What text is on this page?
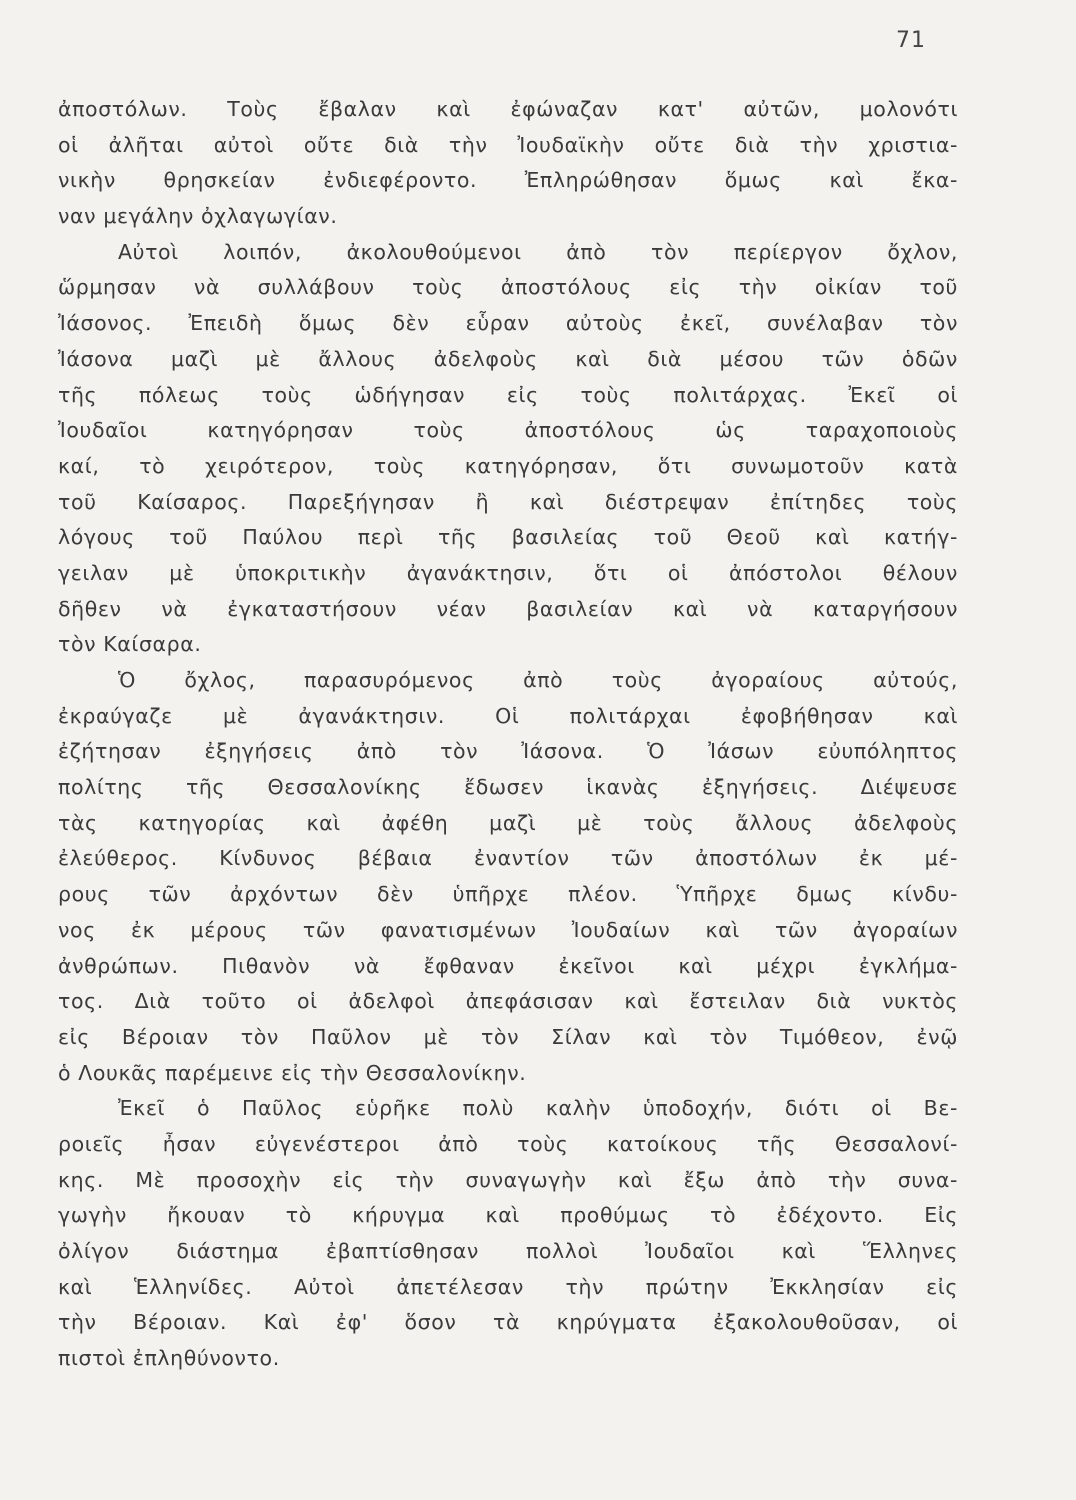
71
ἀποστόλων. Τοὺς ἔβαλαν καὶ ἐφώναζαν κατ' αὐτῶν, μολονότι
οἱ ἀλῆται αὐτοὶ οὔτε διὰ τὴν Ἰουδαϊκὴν οὔτε διὰ τὴν χριστια-
νικὴν θρησκείαν ἐνδιεφέροντο. Ἐπληρώθησαν ὅμως καὶ ἔκα-
ναν μεγάλην ὀχλαγωγίαν.
Αὐτοὶ λοιπόν, ἀκολουθούμενοι ἀπὸ τὸν περίεργον ὄχλον,
ὥρμησαν νὰ συλλάβουν τοὺς ἀποστόλους εἰς τὴν οἰκίαν τοῦ
Ἰάσονος. Ἐπειδὴ ὅμως δὲν εὗραν αὐτοὺς ἐκεῖ, συνέλαβαν τὸν
Ἰάσονα μαζὶ μὲ ἄλλους ἀδελφοὺς καὶ διὰ μέσου τῶν ὁδῶν
τῆς πόλεως τοὺς ὡδήγησαν εἰς τοὺς πολιτάρχας. Ἐκεῖ οἱ
Ἰουδαῖοι κατηγόρησαν τοὺς ἀποστόλους ὡς ταραχοποιοὺς
καί, τὸ χειρότερον, τοὺς κατηγόρησαν, ὅτι συνωμοτοῦν κατὰ
τοῦ Καίσαρος. Παρεξήγησαν ἢ καὶ διέστρεψαν ἐπίτηδες τοὺς
λόγους τοῦ Παύλου περὶ τῆς βασιλείας τοῦ Θεοῦ καὶ κατήγ-
γειλαν μὲ ὑποκριτικὴν ἀγανάκτησιν, ὅτι οἱ ἀπόστολοι θέλουν
δῆθεν νὰ ἐγκαταστήσουν νέαν βασιλείαν καὶ νὰ καταργήσουν
τὸν Καίσαρα.
Ὁ ὄχλος, παρασυρόμενος ἀπὸ τοὺς ἀγοραίους αὐτούς,
ἐκραύγαζε μὲ ἀγανάκτησιν. Οἱ πολιτάρχαι ἐφοβήθησαν καὶ
ἐζήτησαν ἐξηγήσεις ἀπὸ τὸν Ἰάσονα. Ὁ Ἰάσων εὐυπόληπτος
πολίτης τῆς Θεσσαλονίκης ἔδωσεν ἱκανὰς ἐξηγήσεις. Διέψευσε
τὰς κατηγορίας καὶ ἀφέθη μαζὶ μὲ τοὺς ἄλλους ἀδελφοὺς
ἐλεύθερος. Κίνδυνος βέβαια ἐναντίον τῶν ἀποστόλων ἐκ μέ-
ρους τῶν ἀρχόντων δὲν ὑπῆρχε πλέον. Ὑπῆρχε δμως κίνδυ-
νος ἐκ μέρους τῶν φανατισμένων Ἰουδαίων καὶ τῶν ἀγοραίων
ἀνθρώπων. Πιθανὸν νὰ ἔφθαναν ἐκεῖνοι καὶ μέχρι ἐγκλήμα-
τος. Διὰ τοῦτο οἱ ἀδελφοὶ ἀπεφάσισαν καὶ ἔστειλαν διὰ νυκτὸς
εἰς Βέροιαν τὸν Παῦλον μὲ τὸν Σίλαν καὶ τὸν Τιμόθεον, ἐνῷ
ὁ Λουκᾶς παρέμεινε εἰς τὴν Θεσσαλονίκην.
Ἐκεῖ ὁ Παῦλος εὑρῆκε πολὺ καλὴν ὑποδοχήν, διότι οἱ Βε-
ροιεῖς ἦσαν εὐγενέστεροι ἀπὸ τοὺς κατοίκους τῆς Θεσσαλονί-
κης. Μὲ προσοχὴν εἰς τὴν συναγωγὴν καὶ ἔξω ἀπὸ τὴν συνα-
γωγὴν ἤκουαν τὸ κήρυγμα καὶ προθύμως τὸ ἐδέχοντο. Εἰς
ὀλίγον διάστημα ἐβαπτίσθησαν πολλοὶ Ἰουδαῖοι καὶ Ἕλληνες
καὶ Ἑλληνίδες. Αὐτοὶ ἀπετέλεσαν τὴν πρώτην Ἐκκλησίαν εἰς
τὴν Βέροιαν. Καὶ ἐφ' ὅσον τὰ κηρύγματα ἐξακολουθοῦσαν, οἱ
πιστοὶ ἐπληθύνοντο.
